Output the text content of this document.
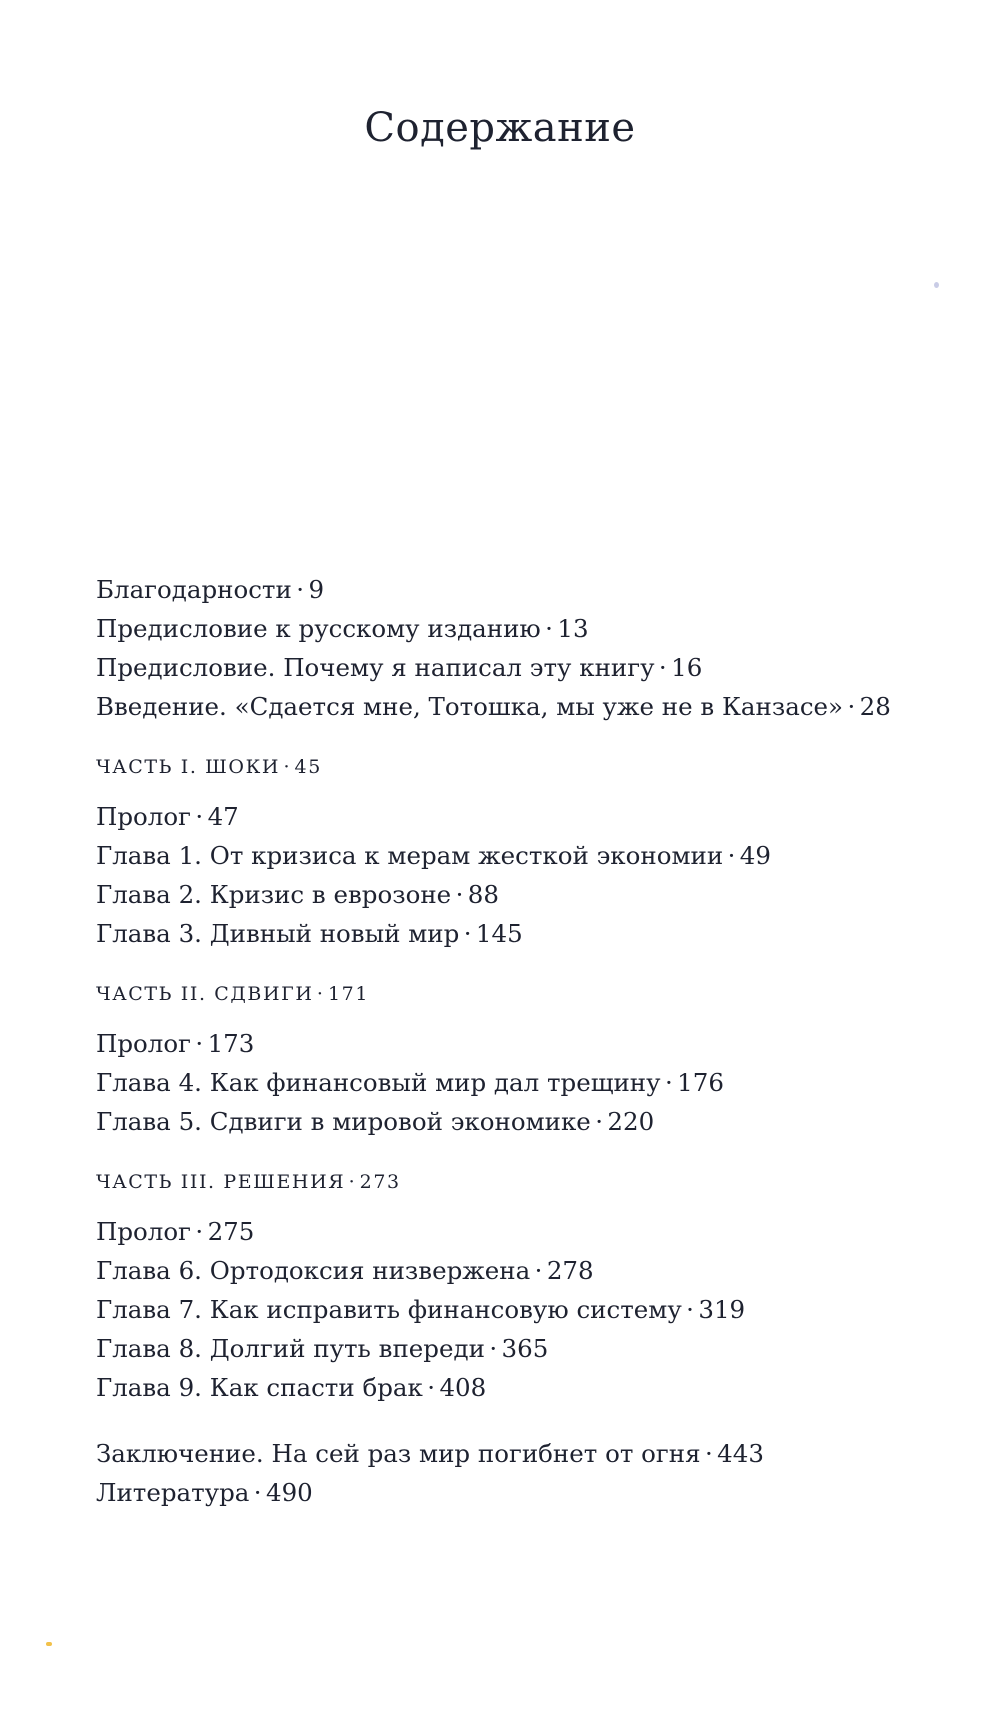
Содержание
Благодарности · 9
Предисловие к русскому изданию · 13
Предисловие. Почему я написал эту книгу · 16
Введение. «Сдается мне, Тотошка, мы уже не в Канзасе» · 28
ЧАСТЬ I. ШОКИ · 45
Пролог · 47
Глава 1. От кризиса к мерам жесткой экономии · 49
Глава 2. Кризис в еврозоне · 88
Глава 3. Дивный новый мир · 145
ЧАСТЬ II. СДВИГИ · 171
Пролог · 173
Глава 4. Как финансовый мир дал трещину · 176
Глава 5. Сдвиги в мировой экономике · 220
ЧАСТЬ III. РЕШЕНИЯ · 273
Пролог · 275
Глава 6. Ортодоксия низвержена · 278
Глава 7. Как исправить финансовую систему · 319
Глава 8. Долгий путь впереди · 365
Глава 9. Как спасти брак · 408
Заключение. На сей раз мир погибнет от огня · 443
Литература · 490
